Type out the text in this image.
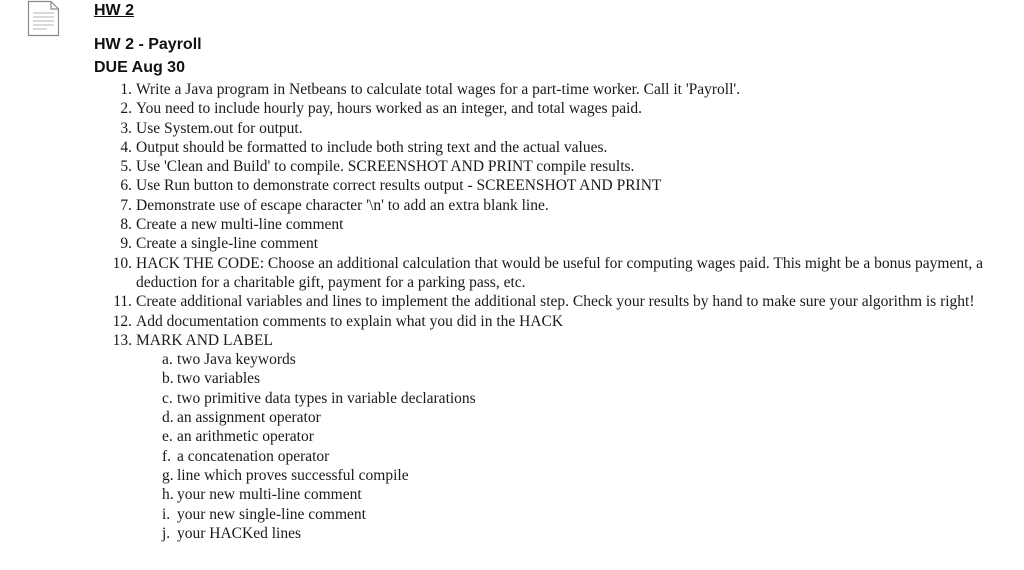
HW 2
HW 2 - Payroll
DUE Aug 30
1. Write a Java program in Netbeans to calculate total wages for a part-time worker. Call it 'Payroll'.
2. You need to include hourly pay, hours worked as an integer, and total wages paid.
3. Use System.out for output.
4. Output should be formatted to include both string text and the actual values.
5. Use 'Clean and Build' to compile. SCREENSHOT AND PRINT compile results.
6. Use Run button to demonstrate correct results output - SCREENSHOT AND PRINT
7. Demonstrate use of escape character '\n' to add an extra blank line.
8. Create a new multi-line comment
9. Create a single-line comment
10. HACK THE CODE: Choose an additional calculation that would be useful for computing wages paid. This might be a bonus payment, a deduction for a charitable gift, payment for a parking pass, etc.
11. Create additional variables and lines to implement the additional step. Check your results by hand to make sure your algorithm is right!
12. Add documentation comments to explain what you did in the HACK
13. MARK AND LABEL
a. two Java keywords
b. two variables
c. two primitive data types in variable declarations
d. an assignment operator
e. an arithmetic operator
f. a concatenation operator
g. line which proves successful compile
h. your new multi-line comment
i. your new single-line comment
j. your HACKed lines
